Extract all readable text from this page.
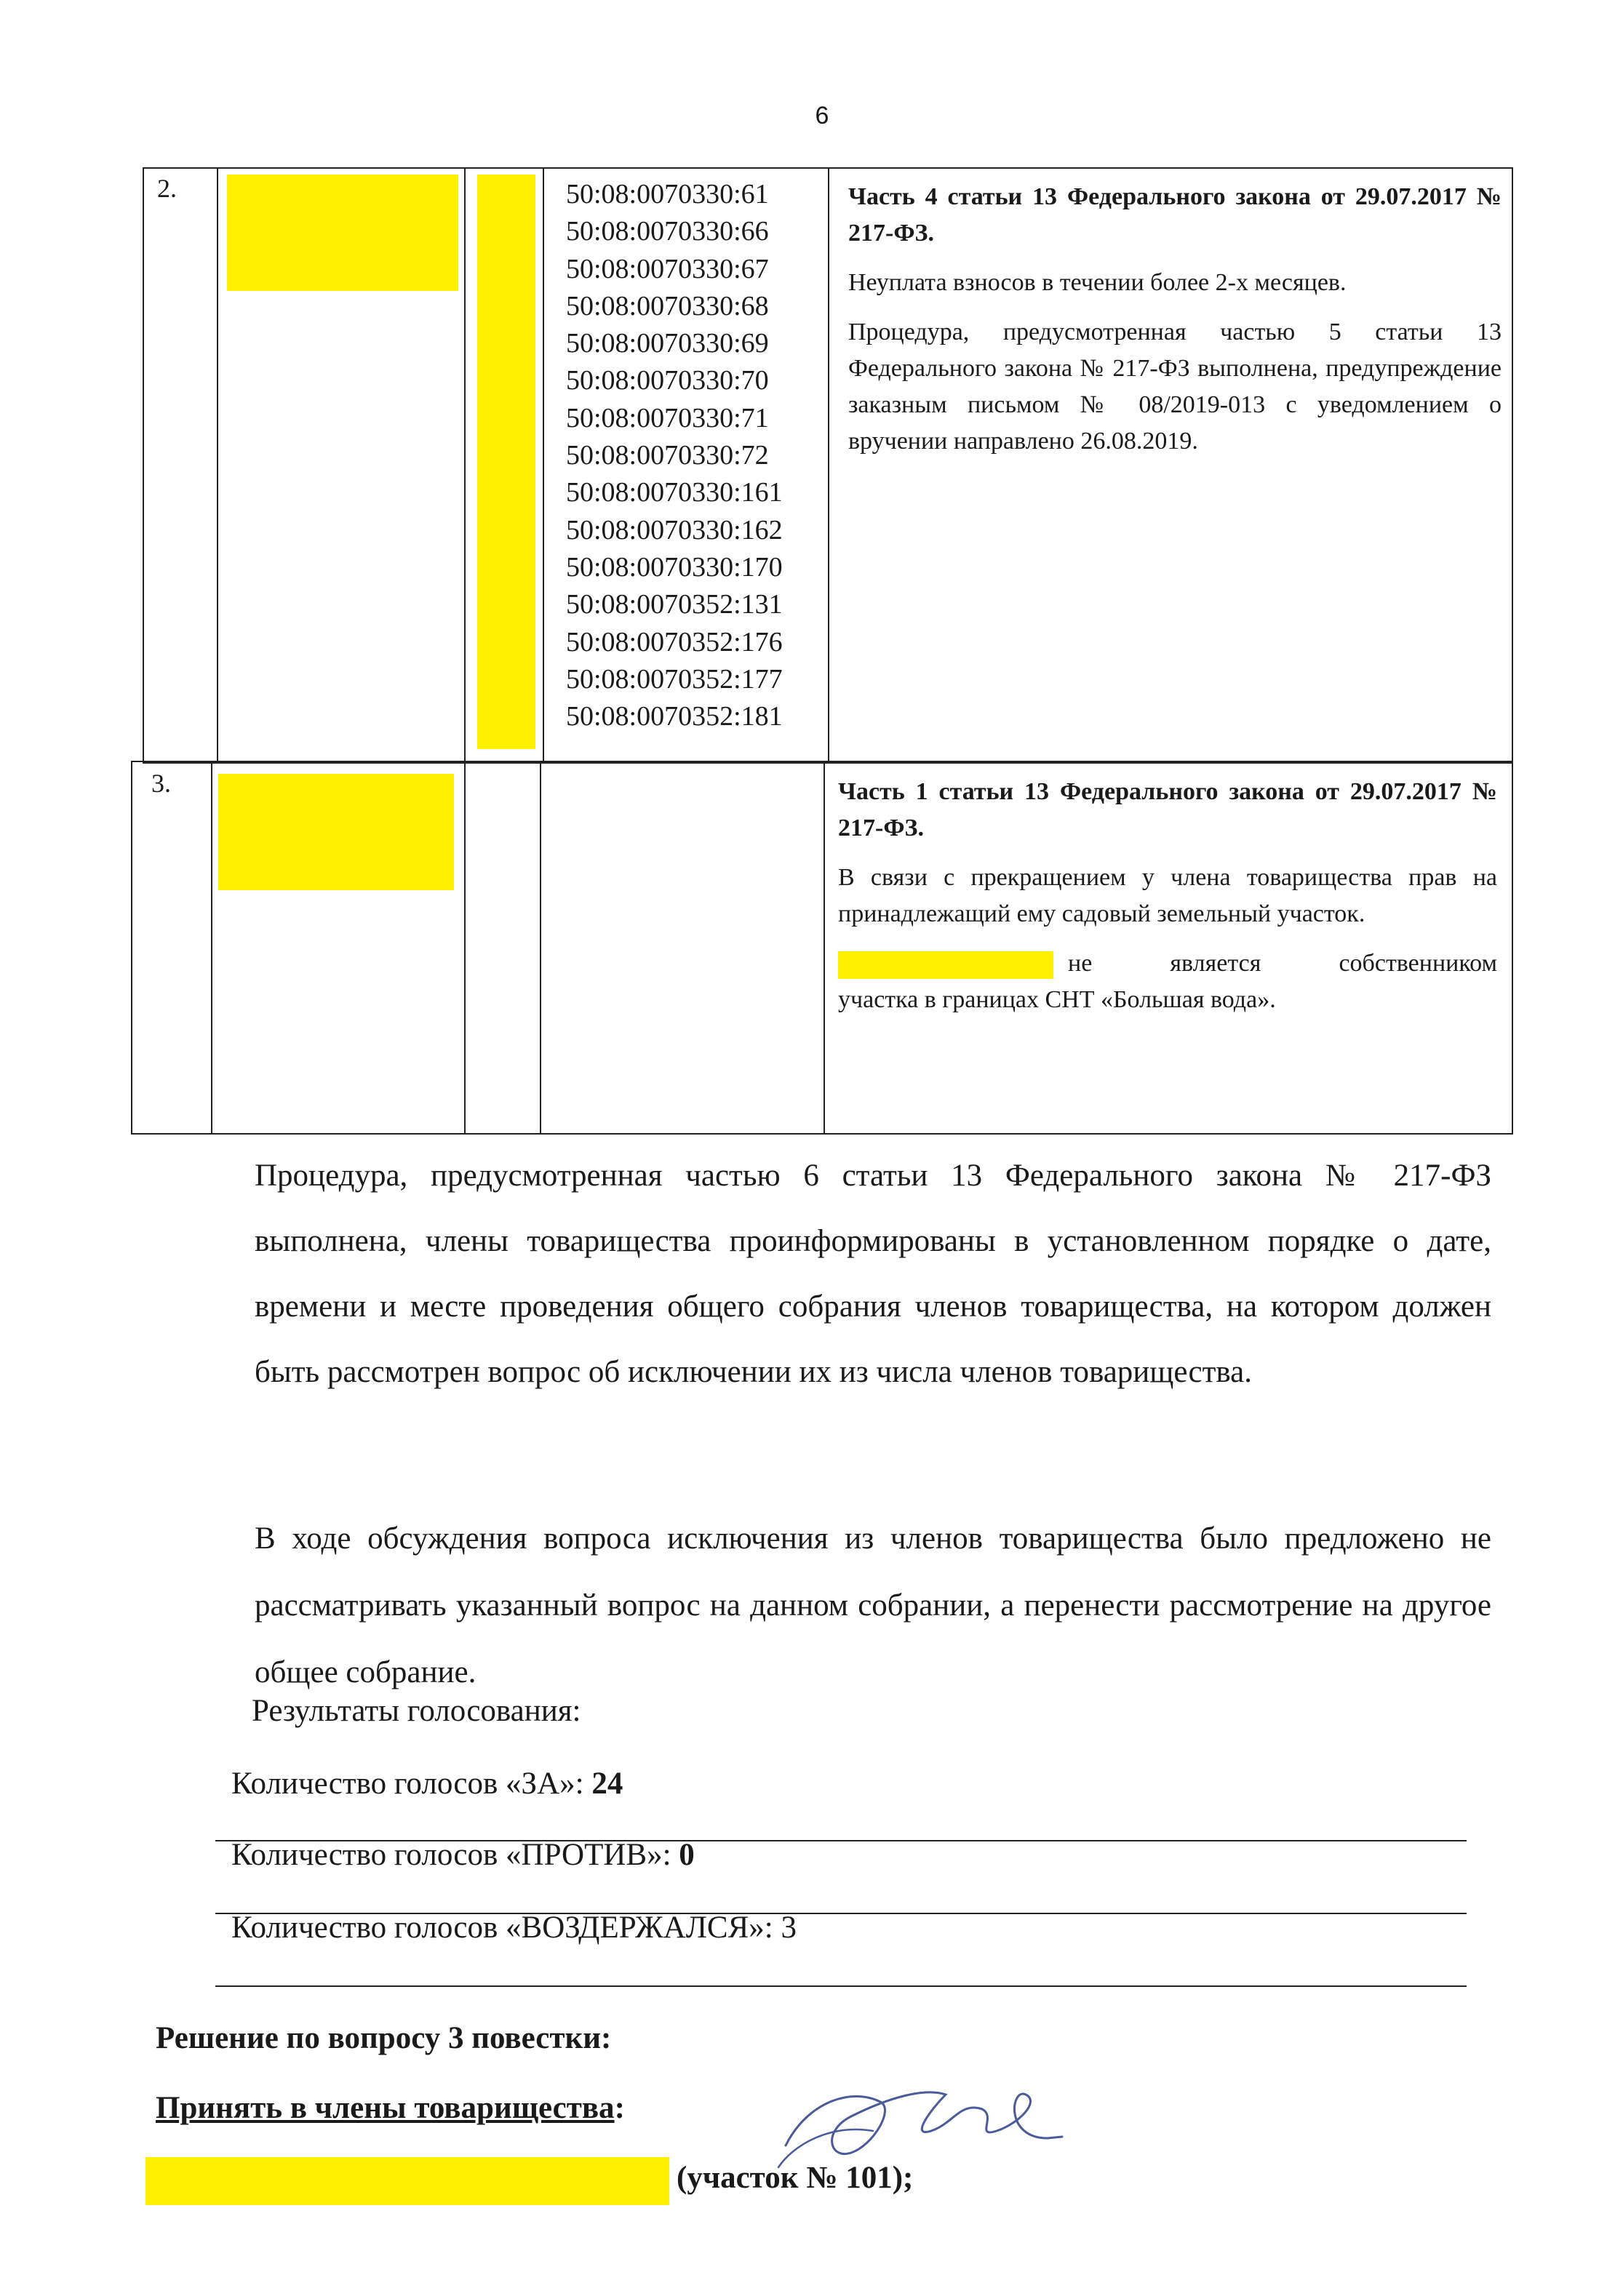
6
2.	50:08:0070330:61
50:08:0070330:66
50:08:0070330:67
50:08:0070330:68
50:08:0070330:69
50:08:0070330:70
50:08:0070330:71
50:08:0070330:72
50:08:0070330:161
50:08:0070330:162
50:08:0070330:170
50:08:0070352:131
50:08:0070352:176
50:08:0070352:177
50:08:0070352:181

Часть 4 статьи 13 Федерального закона от 29.07.2017 № 217-ФЗ.

Неуплата взносов в течении более 2-х месяцев.

Процедура, предусмотренная частью 5 статьи 13 Федерального закона № 217-ФЗ выполнена, предупреждение заказным письмом № 08/2019-013 с уведомлением о вручении направлено 26.08.2019.

3.	Часть 1 статьи 13 Федерального закона от 29.07.2017 № 217-ФЗ.

В связи с прекращением у члена товарищества прав на принадлежащий ему садовый земельный участок.

не является собственником

участка в границах СНТ «Большая вода».

Процедура, предусмотренная частью 6 статьи 13 Федерального закона № 217-ФЗ выполнена, члены товарищества проинформированы в установленном порядке о дате, времени и месте проведения общего собрания членов товарищества, на котором должен быть рассмотрен вопрос об исключении их из числа членов товарищества.
В ходе обсуждения вопроса исключения из членов товарищества было предложено не рассматривать указанный вопрос на данном собрании, а перенести рассмотрение на другое общее собрание.
Результаты голосования:
Количество голосов «ЗА»: 24
Количество голосов «ПРОТИВ»: 0
Количество голосов «ВОЗДЕРЖАЛСЯ»: 3
Решение по вопросу 3 повестки:
Принять в члены товарищества:
(участок № 101);
